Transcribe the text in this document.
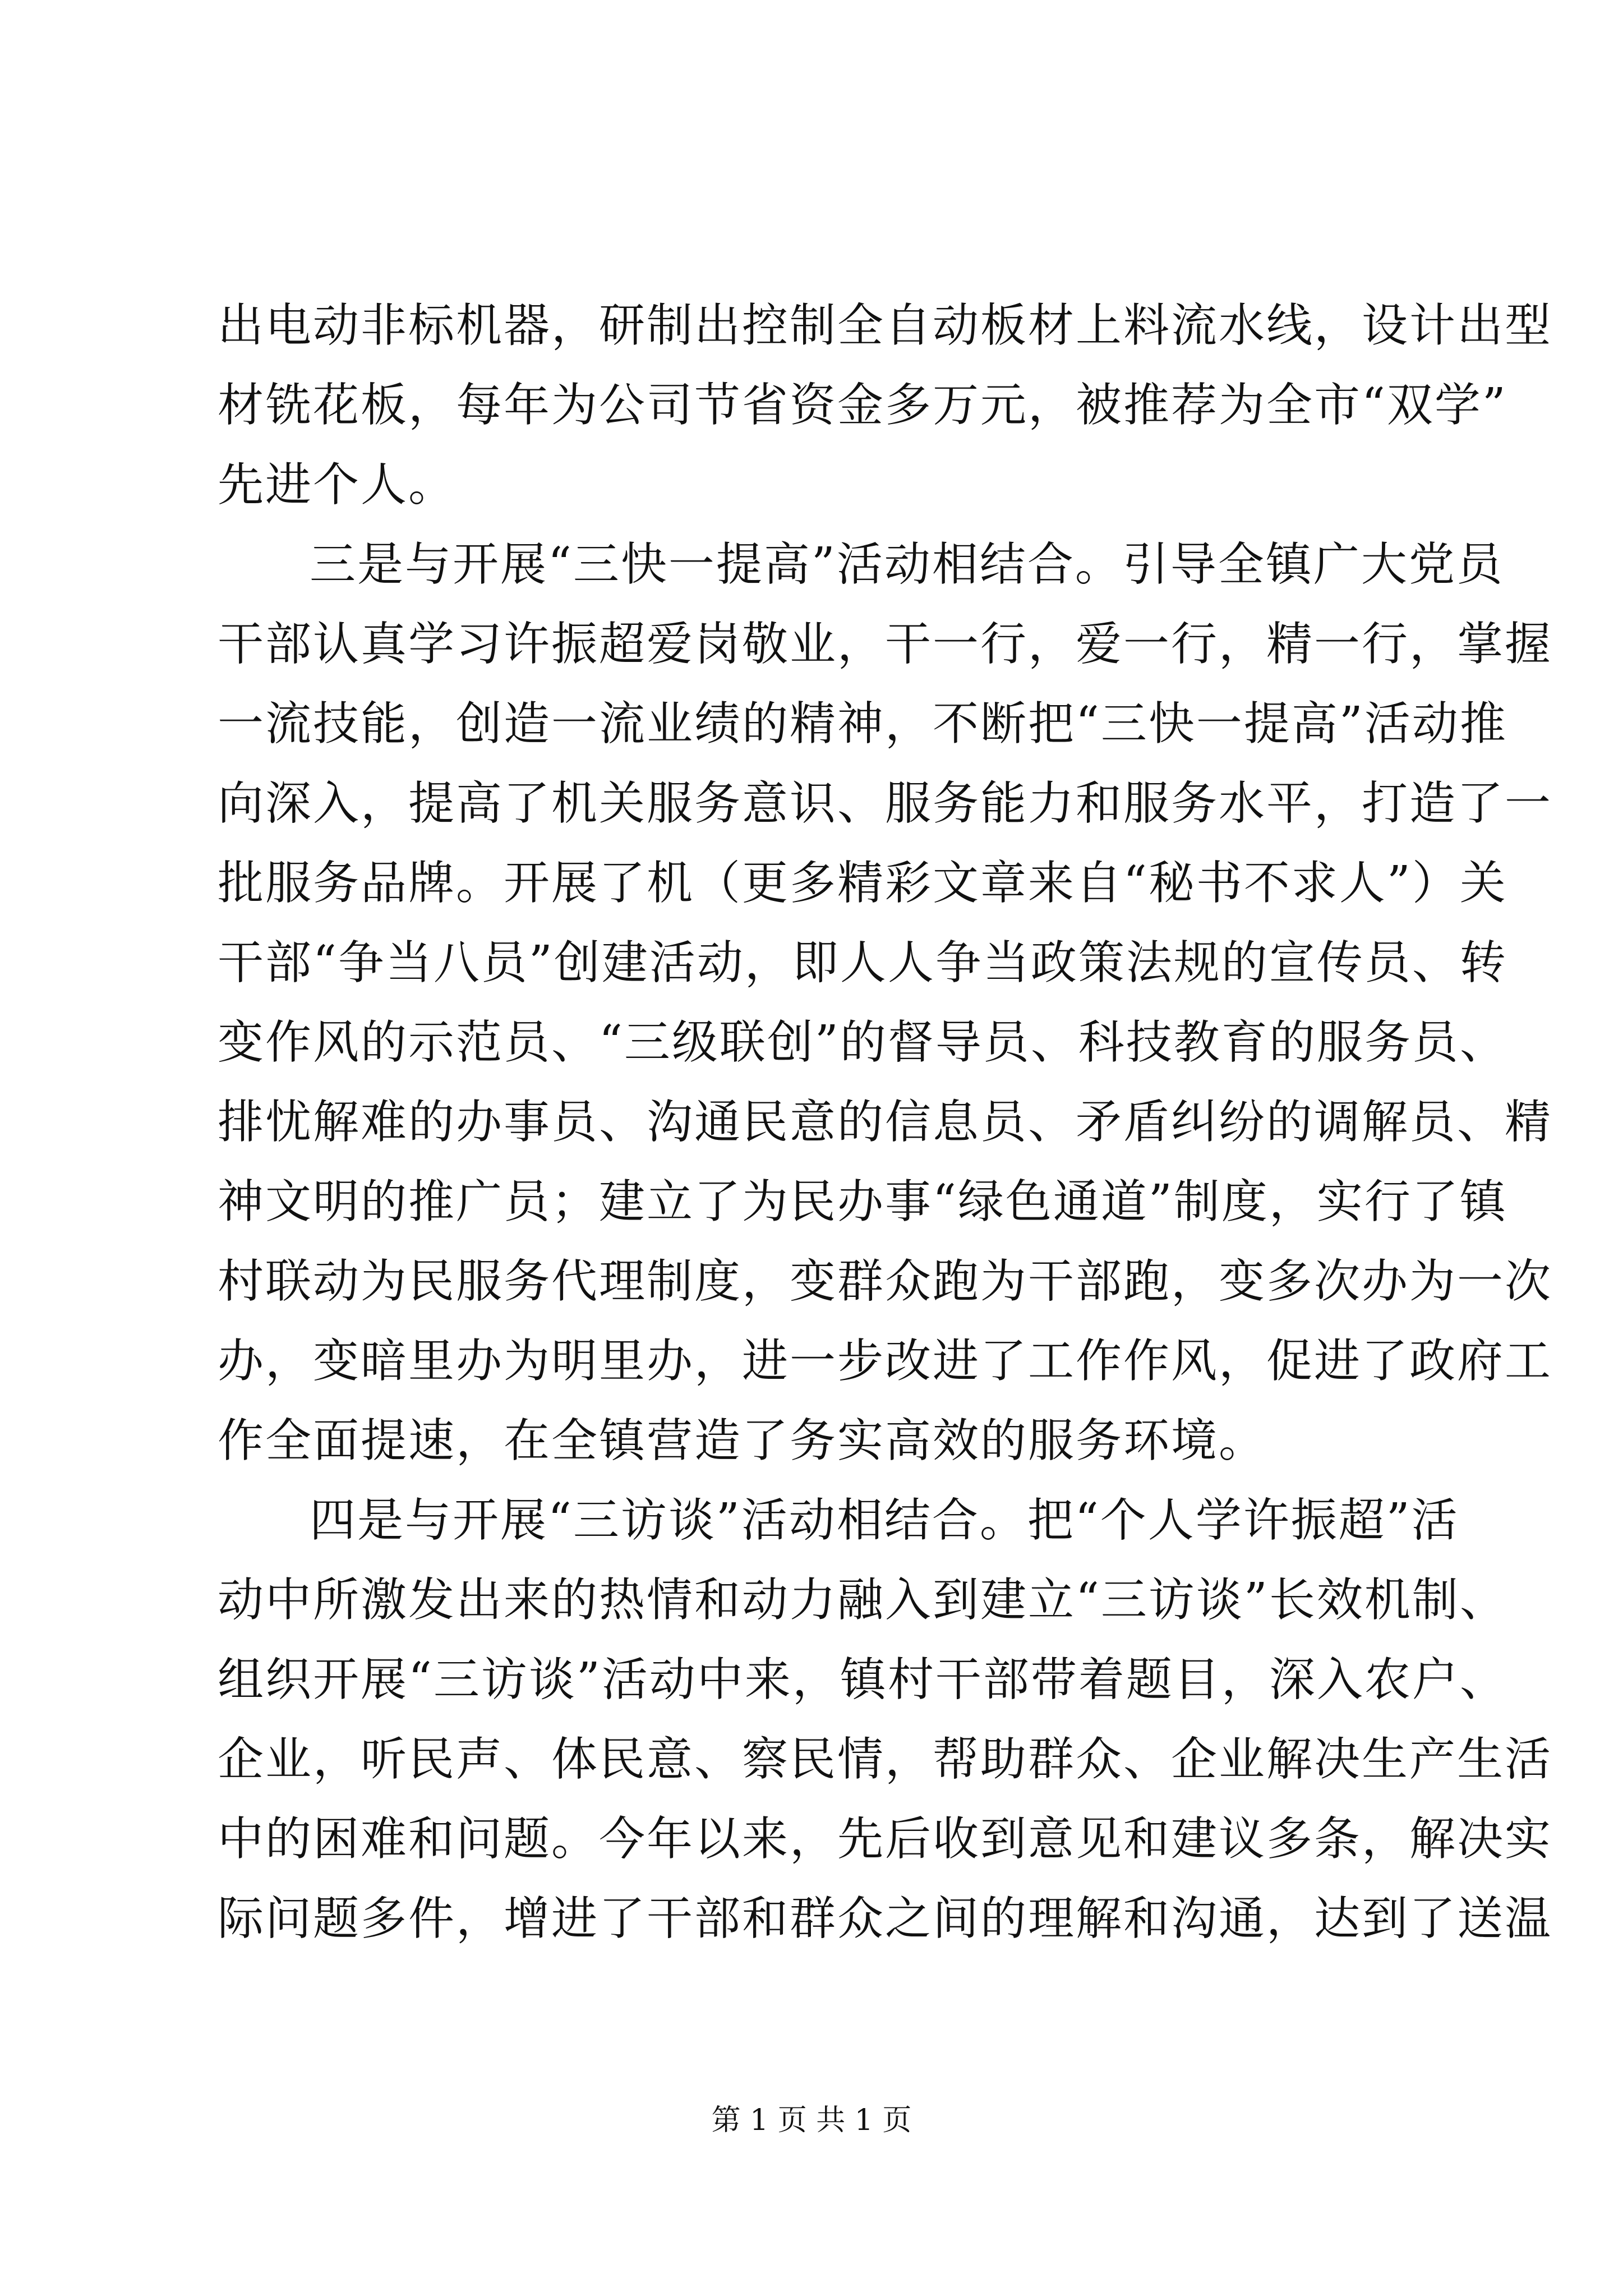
出电动非标机器，研制出控制全自动板材上料流水线，设计出型
材铣花板，每年为公司节省资金多万元，被推荐为全市“双学”
先进个人。
三是与开展“三快一提高”活动相结合。引导全镇广大党员
干部认真学习许振超爱岗敬业，干一行，爱一行，精一行，掌握
一流技能，创造一流业绩的精神，不断把“三快一提高”活动推
向深入，提高了机关服务意识、服务能力和服务水平，打造了一
批服务品牌。开展了机（更多精彩文章来自“秘书不求人”）关
干部“争当八员”创建活动，即人人争当政策法规的宣传员、转
变作风的示范员、“三级联创”的督导员、科技教育的服务员、
排忧解难的办事员、沟通民意的信息员、矛盾纠纷的调解员、精
神文明的推广员；建立了为民办事“绿色通道”制度，实行了镇
村联动为民服务代理制度，变群众跑为干部跑，变多次办为一次
办，变暗里办为明里办，进一步改进了工作作风，促进了政府工
作全面提速，在全镇营造了务实高效的服务环境。
四是与开展“三访谈”活动相结合。把“个人学许振超”活
动中所激发出来的热情和动力融入到建立“三访谈”长效机制、
组织开展“三访谈”活动中来，镇村干部带着题目，深入农户、
企业，听民声、体民意、察民情，帮助群众、企业解决生产生活
中的困难和问题。今年以来，先后收到意见和建议多条，解决实
际问题多件，增进了干部和群众之间的理解和沟通，达到了送温
第 1 页 共 1 页
